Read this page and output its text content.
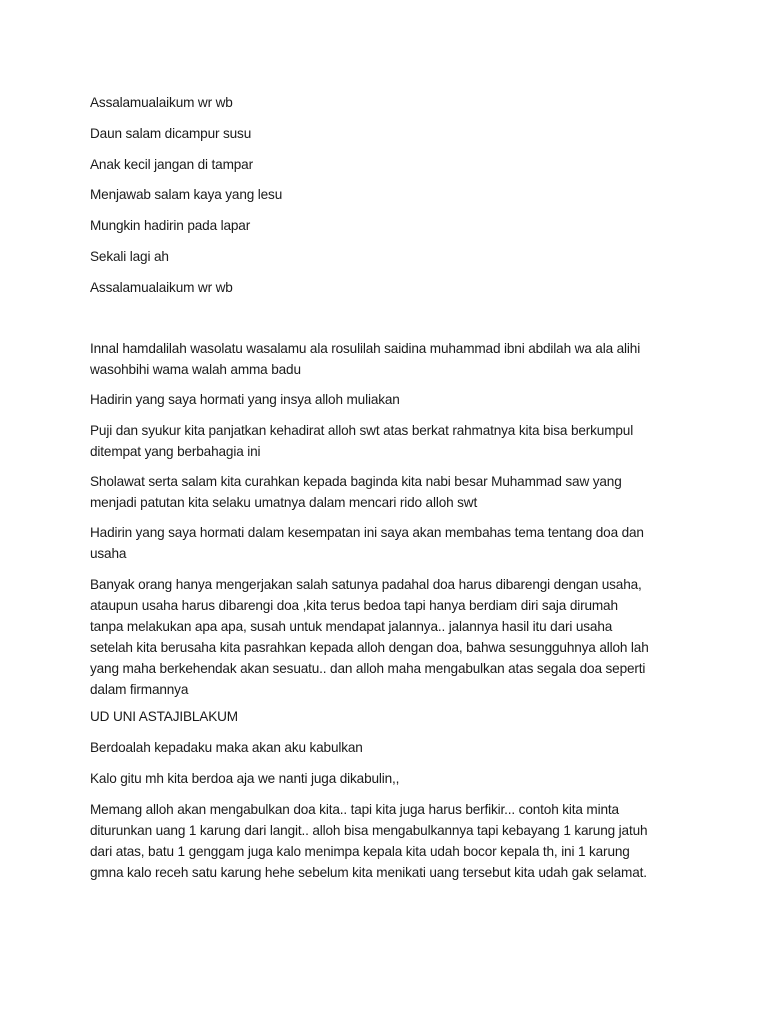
Assalamualaikum wr wb
Daun salam dicampur susu
Anak kecil jangan di tampar
Menjawab salam kaya yang lesu
Mungkin hadirin pada lapar
Sekali lagi ah
Assalamualaikum wr wb
Innal hamdalilah wasolatu wasalamu ala rosulilah saidina muhammad ibni abdilah wa ala alihi
wasohbihi wama walah amma badu
Hadirin yang saya hormati yang insya alloh muliakan
Puji dan syukur kita panjatkan kehadirat alloh swt atas berkat rahmatnya kita bisa berkumpul
ditempat yang berbahagia ini
Sholawat serta salam kita curahkan kepada baginda kita nabi besar Muhammad saw yang
menjadi patutan kita selaku umatnya dalam mencari rido alloh swt
Hadirin yang saya hormati dalam kesempatan ini saya akan membahas tema tentang doa dan
usaha
Banyak orang hanya mengerjakan salah satunya padahal doa harus dibarengi dengan usaha,
ataupun usaha harus dibarengi doa ,kita terus bedoa tapi hanya berdiam diri saja dirumah
tanpa melakukan apa apa, susah untuk mendapat jalannya.. jalannya hasil itu dari usaha
setelah kita berusaha kita pasrahkan kepada alloh dengan doa, bahwa sesungguhnya alloh lah
yang maha berkehendak akan sesuatu.. dan alloh maha mengabulkan atas segala doa seperti
dalam firmannya
UD UNI ASTAJIBLAKUM
Berdoalah kepadaku maka akan aku kabulkan
Kalo gitu mh kita berdoa aja we nanti juga dikabulin,,
Memang alloh akan mengabulkan doa kita.. tapi kita juga harus berfikir... contoh kita minta
diturunkan uang 1 karung dari langit.. alloh bisa mengabulkannya tapi kebayang 1 karung jatuh
dari atas, batu 1 genggam juga kalo menimpa kepala kita udah bocor kepala th, ini 1 karung
gmna kalo receh satu karung hehe sebelum kita menikati uang tersebut kita udah gak selamat.
